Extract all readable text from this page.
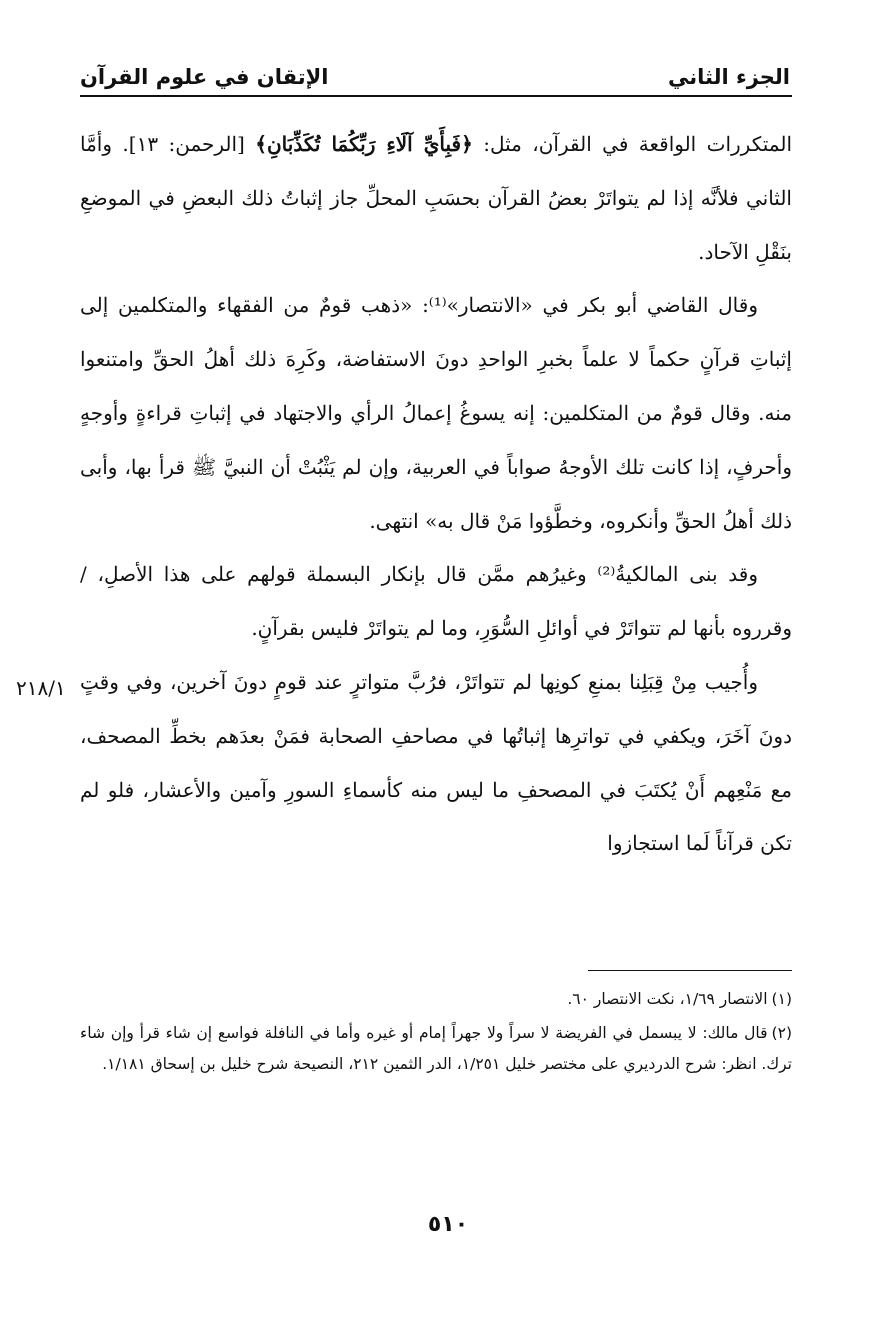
الإتقان في علوم القرآن	الجزء الثاني

المتكررات الواقعة في القرآن، مثل: ﴿فَبِأَيِّ آلَاءِ رَبِّكُمَا تُكَذِّبَانِ﴾ [الرحمن: ١٣]. وأمَّا الثاني فلأنَّه إذا لم يتواتَرْ بعضُ القرآن بحسَبِ المحلِّ جاز إثباتُ ذلك البعضِ في الموضعِ بنَقْلِ الآحاد.

وقال القاضي أبو بكر في «الانتصار»⁽¹⁾: «ذهب قومٌ من الفقهاء والمتكلمين إلى إثباتِ قرآنٍ حكماً لا علماً بخبرِ الواحدِ دونَ الاستفاضة، وكَرِهَ ذلك أهلُ الحقِّ وامتنعوا منه. وقال قومٌ من المتكلمين: إنه يسوغُ إعمالُ الرأي والاجتهاد في إثباتِ قراءةٍ وأوجهٍ وأحرفٍ، إذا كانت تلك الأوجهُ صواباً في العربية، وإن لم يَثْبُتْ أن النبيَّ ﷺ قرأ بها، وأبى ذلك أهلُ الحقِّ وأنكروه، وخطَّؤوا مَنْ قال به» انتهى.

وقد بنى المالكيةُ⁽²⁾ وغيرُهم ممَّن قال بإنكار البسملة قولهم على هذا الأصلِ، / وقرروه بأنها لم تتواتَرْ في أوائلِ السُّوَرِ، وما لم يتواتَرْ فليس بقرآنٍ.

وأُجيب مِنْ قِبَلِنا بمنعِ كونِها لم تتواتَرْ، فرُبَّ متواترٍ عند قومٍ دونَ آخرين، وفي وقتٍ دونَ آخَرَ، ويكفي في تواترِها إثباتُها في مصاحفِ الصحابة فمَنْ بعدَهم بخطِّ المصحف، مع مَنْعِهم أَنْ يُكتَبَ في المصحفِ ما ليس منه كأسماءِ السورِ وآمين والأعشار، فلو لم تكن قرآناً لَما استجازوا

٢١٨/١

(١)الانتصار ١/٦٩، نكت الانتصار ٦٠.

(٢)قال مالك: لا يبسمل في الفريضة لا سراً ولا جهراً إمام أو غيره وأما في النافلة فواسع إن شاء قرأ وإن شاء ترك. انظر: شرح الدرديري على مختصر خليل ١/٢٥١، الدر الثمين ٢١٢، النصيحة شرح خليل بن إسحاق ١/١٨١.

٥١٠
